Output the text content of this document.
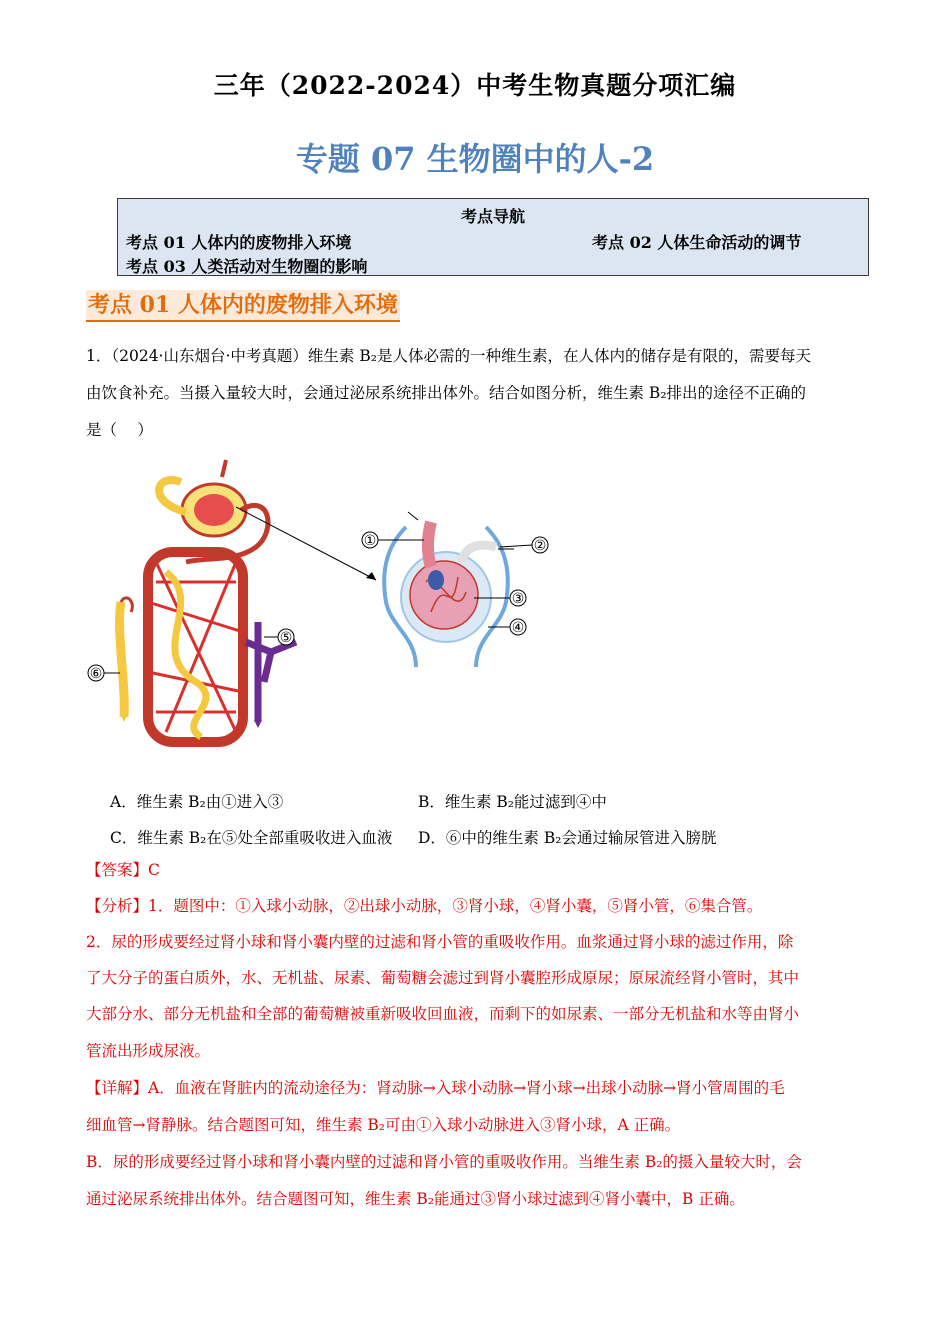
三年（2022-2024）中考生物真题分项汇编
专题 07 生物圈中的人-2
考点导航
考点 01 人体内的废物排入环境	考点 02 人体生命活动的调节
考点 03 人类活动对生物圈的影响
考点 01 人体内的废物排入环境
1．（2024·山东烟台·中考真题）维生素 B₂是人体必需的一种维生素，在人体内的储存是有限的，需要每天
由饮食补充。当摄入量较大时，会通过泌尿系统排出体外。结合如图分析，维生素 B₂排出的途径不正确的
是（　 ）
①	②
③
④
⑤
⑥
A．维生素 B₂由①进入③	B．维生素 B₂能过滤到④中
C．维生素 B₂在⑤处全部重吸收进入血液 D．⑥中的维生素 B₂会通过输尿管进入膀胱
【答案】C
【分析】1．题图中：①入球小动脉，②出球小动脉，③肾小球，④肾小囊，⑤肾小管，⑥集合管。
2．尿的形成要经过肾小球和肾小囊内壁的过滤和肾小管的重吸收作用。血浆通过肾小球的滤过作用，除
了大分子的蛋白质外，水、无机盐、尿素、葡萄糖会滤过到肾小囊腔形成原尿；原尿流经肾小管时，其中
大部分水、部分无机盐和全部的葡萄糖被重新吸收回血液，而剩下的如尿素、一部分无机盐和水等由肾小
管流出形成尿液。
【详解】A．血液在肾脏内的流动途径为：肾动脉→入球小动脉→肾小球→出球小动脉→肾小管周围的毛
细血管→肾静脉。结合题图可知，维生素 B₂可由①入球小动脉进入③肾小球，A 正确。
B．尿的形成要经过肾小球和肾小囊内壁的过滤和肾小管的重吸收作用。当维生素 B₂的摄入量较大时，会
通过泌尿系统排出体外。结合题图可知，维生素 B₂能通过③肾小球过滤到④肾小囊中，B 正确。
